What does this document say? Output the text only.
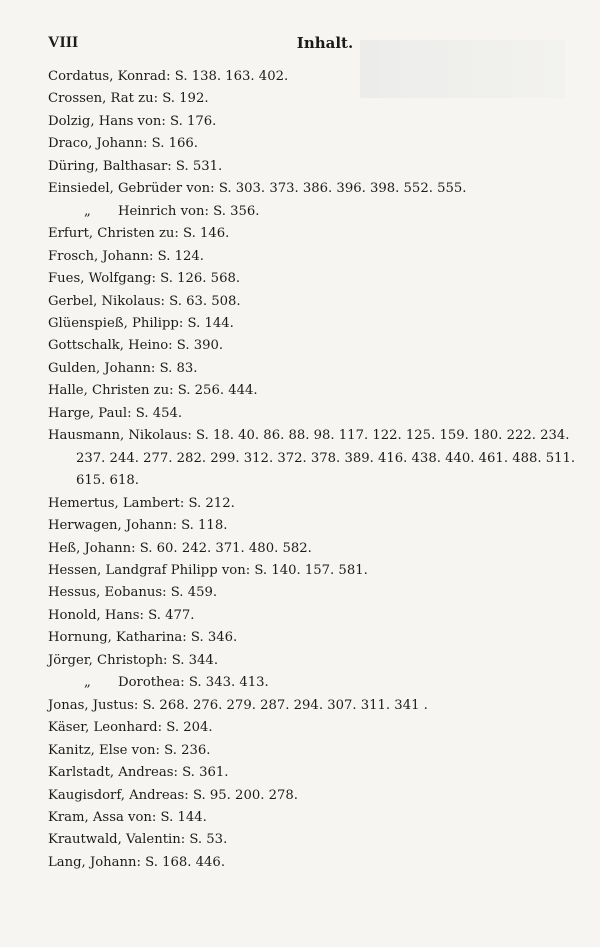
VIII	Inhalt.
Cordatus, Konrad: S. 138. 163. 402.
Crossen, Rat zu: S. 192.
Dolzig, Hans von: S. 176.
Draco, Johann: S. 166.
Düring, Balthasar: S. 531.
Einsiedel, Gebrüder von: S. 303. 373. 386. 396. 398. 552. 555.
„ Heinrich von: S. 356.
Erfurt, Christen zu: S. 146.
Frosch, Johann: S. 124.
Fues, Wolfgang: S. 126. 568.
Gerbel, Nikolaus: S. 63. 508.
Glüenspieß, Philipp: S. 144.
Gottschalk, Heino: S. 390.
Gulden, Johann: S. 83.
Halle, Christen zu: S. 256. 444.
Harge, Paul: S. 454.
Hausmann, Nikolaus: S. 18. 40. 86. 88. 98. 117. 122. 125. 159. 180. 222. 234.
237. 244. 277. 282. 299. 312. 372. 378. 389. 416. 438. 440. 461. 488. 511.
615. 618.
Hemertus, Lambert: S. 212.
Herwagen, Johann: S. 118.
Heß, Johann: S. 60. 242. 371. 480. 582.
Hessen, Landgraf Philipp von: S. 140. 157. 581.
Hessus, Eobanus: S. 459.
Honold, Hans: S. 477.
Hornung, Katharina: S. 346.
Jörger, Christoph: S. 344.
„ Dorothea: S. 343. 413.
Jonas, Justus: S. 268. 276. 279. 287. 294. 307. 311. 341 .
Käser, Leonhard: S. 204.
Kanitz, Else von: S. 236.
Karlstadt, Andreas: S. 361.
Kaugisdorf, Andreas: S. 95. 200. 278.
Kram, Assa von: S. 144.
Krautwald, Valentin: S. 53.
Lang, Johann: S. 168. 446.
